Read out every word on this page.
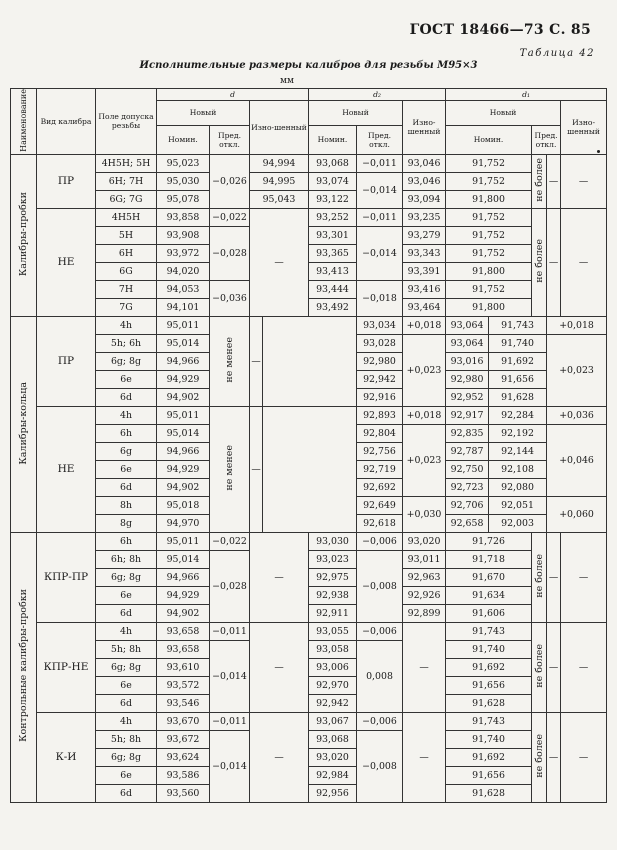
ГОСТ 18466—73 С. 85
Таблица 42
Исполнительные размеры калибров для резьбы М95×3
мм
Наименование	Вид калибра	Поле допуска резьбы	d				d₂			d₁					
			Новый		Изно-шенный		Новый		Изно-шенный	Новый				Изно-шенный	
			Номин.	Пред. откл.			Номин.	Пред. откл.		Номин.		Пред. откл.			
Калибры-пробки	ПР	4H5H; 5H	95,023	−0,026	94,994		93,068	−0,011	93,046	91,752		не более	—	—	
		6H; 7H	95,030		94,995		93,074	−0,014	93,046	91,752					
		6G; 7G	95,078		95,043		93,122		93,094	91,800					
	НЕ	4H5H	93,858	−0,022	—		93,252	−0,011	93,235	91,752		не более	—	—	
		5H	93,908	−0,028			93,301	−0,014	93,279	91,752					
		6H	93,972				93,365		93,343	91,752					
		6G	94,020				93,413		93,391	91,800					
		7H	94,053	−0,036			93,444	−0,018	93,416	91,752					
		7G	94,101				93,492		93,464	91,800					
Калибры-кольца	ПР	4h	95,011	не менее	—			93,034	+0,018	93,064	91,743		+0,018	
		5h; 6h	95,014					93,028	+0,023	93,064	91,740		+0,023	
		6g; 8g	94,966					92,980		93,016	91,692	
		6e	94,929					92,942		92,980	91,656	
		6d	94,902					92,916		92,952	91,628	
	НЕ	4h	95,011	не менее	—			92,893	+0,018	92,917	92,284		+0,036	
		6h	95,014					92,804	+0,023	92,835	92,192		+0,046		
		6g	94,966					92,756		92,787	92,144				
		6e	94,929					92,719		92,750	92,108				
		6d	94,902					92,692		92,723	92,080				
		8h	95,018					92,649	+0,030	92,706	92,051		+0,060		
		8g	94,970					92,618		92,658	92,003				
Контрольные калибры-пробки	КПР-ПР	6h	95,011	−0,022	—		93,030	−0,006	93,020	91,726		не более	—	—	
		6h; 8h	95,014	−0,028			93,023	−0,008	93,011	91,718					
		6g; 8g	94,966				92,975		92,963	91,670					
		6e	94,929				92,938		92,926	91,634					
		6d	94,902				92,911		92,899	91,606					
	КПР-НЕ	4h	93,658	−0,011	—		93,055	−0,006	—	91,743		не более	—	—	
		5h; 8h	93,658	−0,014			93,058	0,008		91,740					
		6g; 8g	93,610				93,006			91,692					
		6e	93,572				92,970			91,656					
		6d	93,546				92,942			91,628					
	К-И	4h	93,670	−0,011	—		93,067	−0,006	—	91,743		не более	—	—	
		5h; 8h	93,672	−0,014			93,068	−0,008		91,740					
		6g; 8g	93,624				93,020			91,692					
		6e	93,586				92,984			91,656					
		6d	93,560				92,956			91,628					
